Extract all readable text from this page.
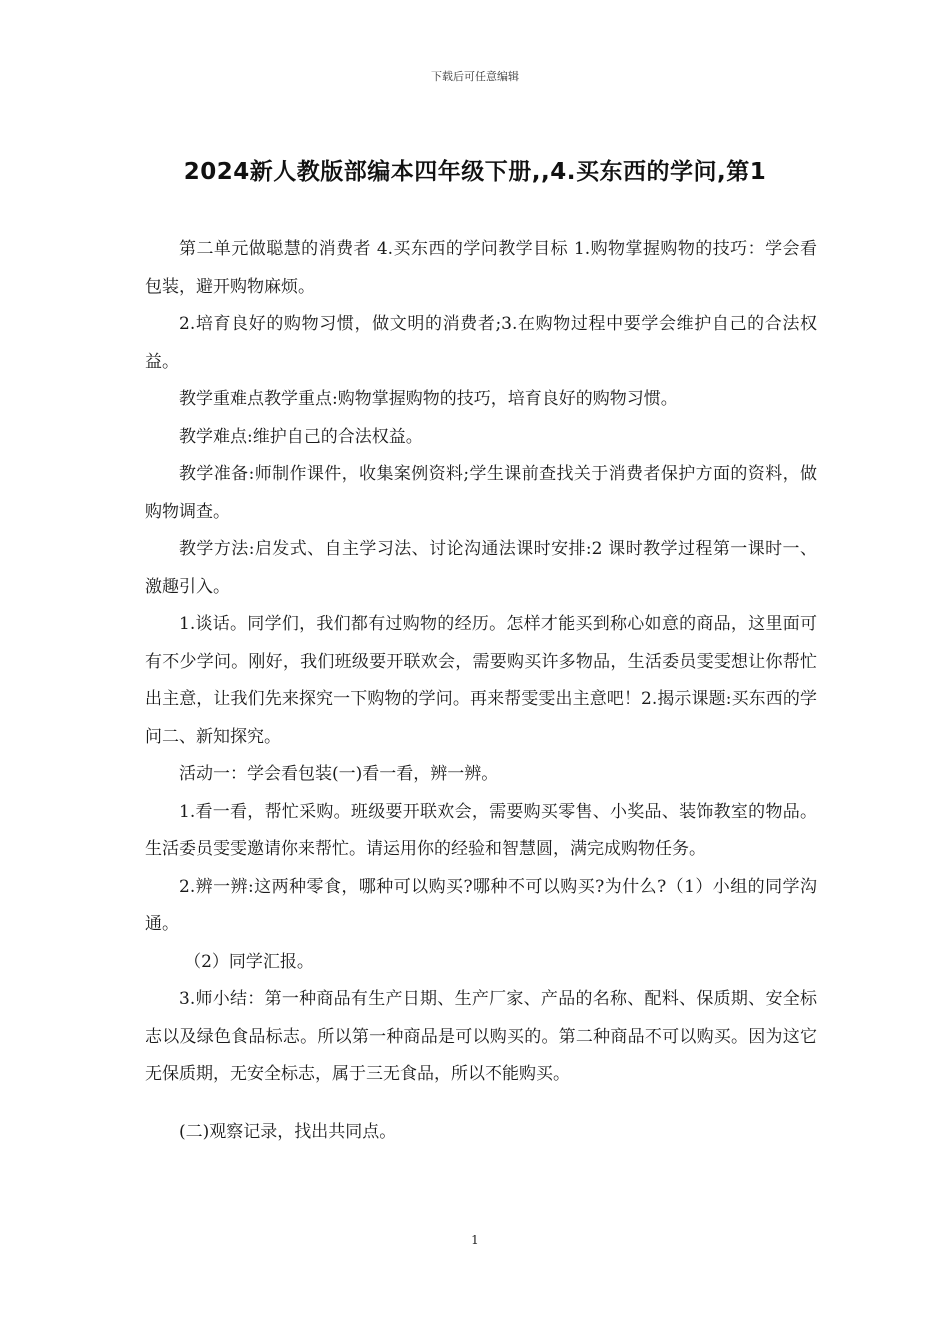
下载后可任意编辑
2024新人教版部编本四年级下册,,4.买东西的学问,第1

第二单元做聪慧的消费者 4.买东西的学问教学目标 1.购物掌握购物的技巧：学会看包装，避开购物麻烦。

2.培育良好的购物习惯，做文明的消费者;3.在购物过程中要学会维护自己的合法权益。

教学重难点教学重点:购物掌握购物的技巧，培育良好的购物习惯。

教学难点:维护自己的合法权益。

教学准备:师制作课件，收集案例资料;学生课前查找关于消费者保护方面的资料，做购物调查。

教学方法:启发式、自主学习法、讨论沟通法课时安排:2 课时教学过程第一课时一、激趣引入。

1.谈话。同学们，我们都有过购物的经历。怎样才能买到称心如意的商品，这里面可有不少学问。刚好，我们班级要开联欢会，需要购买许多物品，生活委员雯雯想让你帮忙出主意，让我们先来探究一下购物的学问。再来帮雯雯出主意吧！2.揭示课题:买东西的学问二、新知探究。

活动一：学会看包装(一)看一看，辨一辨。

1.看一看，帮忙采购。班级要开联欢会，需要购买零售、小奖品、装饰教室的物品。生活委员雯雯邀请你来帮忙。请运用你的经验和智慧圆，满完成购物任务。

2.辨一辨:这两种零食，哪种可以购买?哪种不可以购买?为什么?（1）小组的同学沟通。

（2）同学汇报。

3.师小结：第一种商品有生产日期、生产厂家、产品的名称、配料、保质期、安全标志以及绿色食品标志。所以第一种商品是可以购买的。第二种商品不可以购买。因为这它无保质期，无安全标志，属于三无食品，所以不能购买。

(二)观察记录，找出共同点。

1
